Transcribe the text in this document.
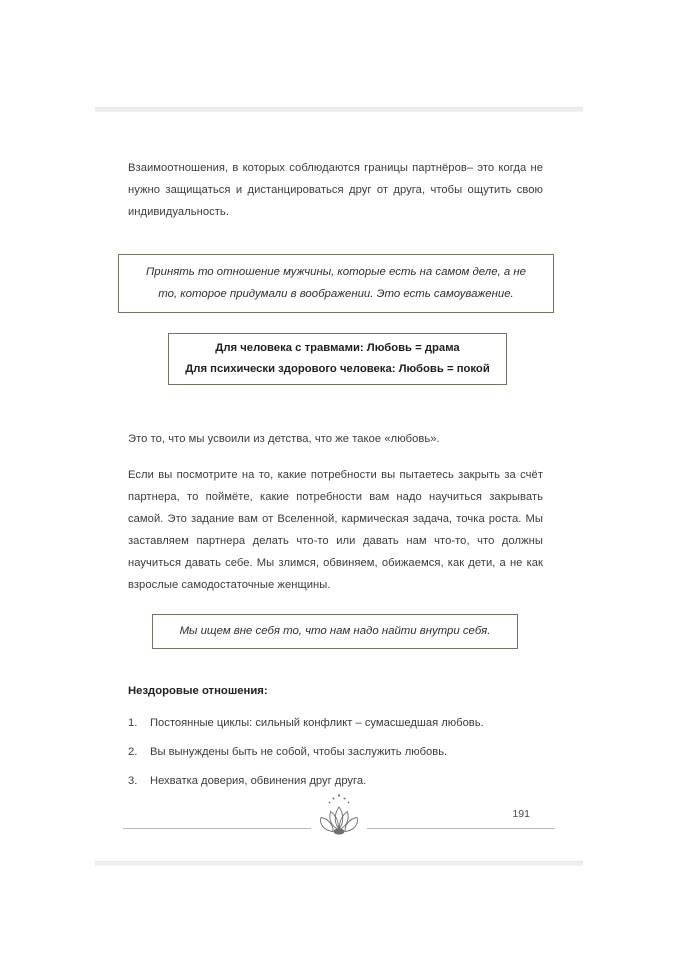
Взаимоотношения, в которых соблюдаются границы партнёров– это когда не нужно защищаться и дистанцироваться друг от друга, чтобы ощутить свою индивидуальность.

Это то, что мы усвоили из детства, что же такое «любовь».

Если вы посмотрите на то, какие потребности вы пытаетесь закрыть за счёт партнера, то поймёте, какие потребности вам надо научиться закрывать самой. Это задание вам от Вселенной, кармическая задача, точка роста. Мы заставляем партнера делать что-то или давать нам что-то, что должны научиться давать себе. Мы злимся, обвиняем, обижаемся, как дети, а не как взрослые самодостаточные женщины.

Нездоровые отношения:

1.	Постоянные циклы: сильный конфликт – сумасшедшая любовь.
2.	Вы вынуждены быть не собой, чтобы заслужить любовь.
3.	Нехватка доверия, обвинения друг друга.
Принять то отношение мужчины, которые есть на самом деле, а не
то, которое придумали в воображении. Это есть самоуважение.
Для человека с травмами: Любовь = драма
Для психически здорового человека: Любовь = покой
Мы ищем вне себя то, что нам надо найти внутри себя.
191
